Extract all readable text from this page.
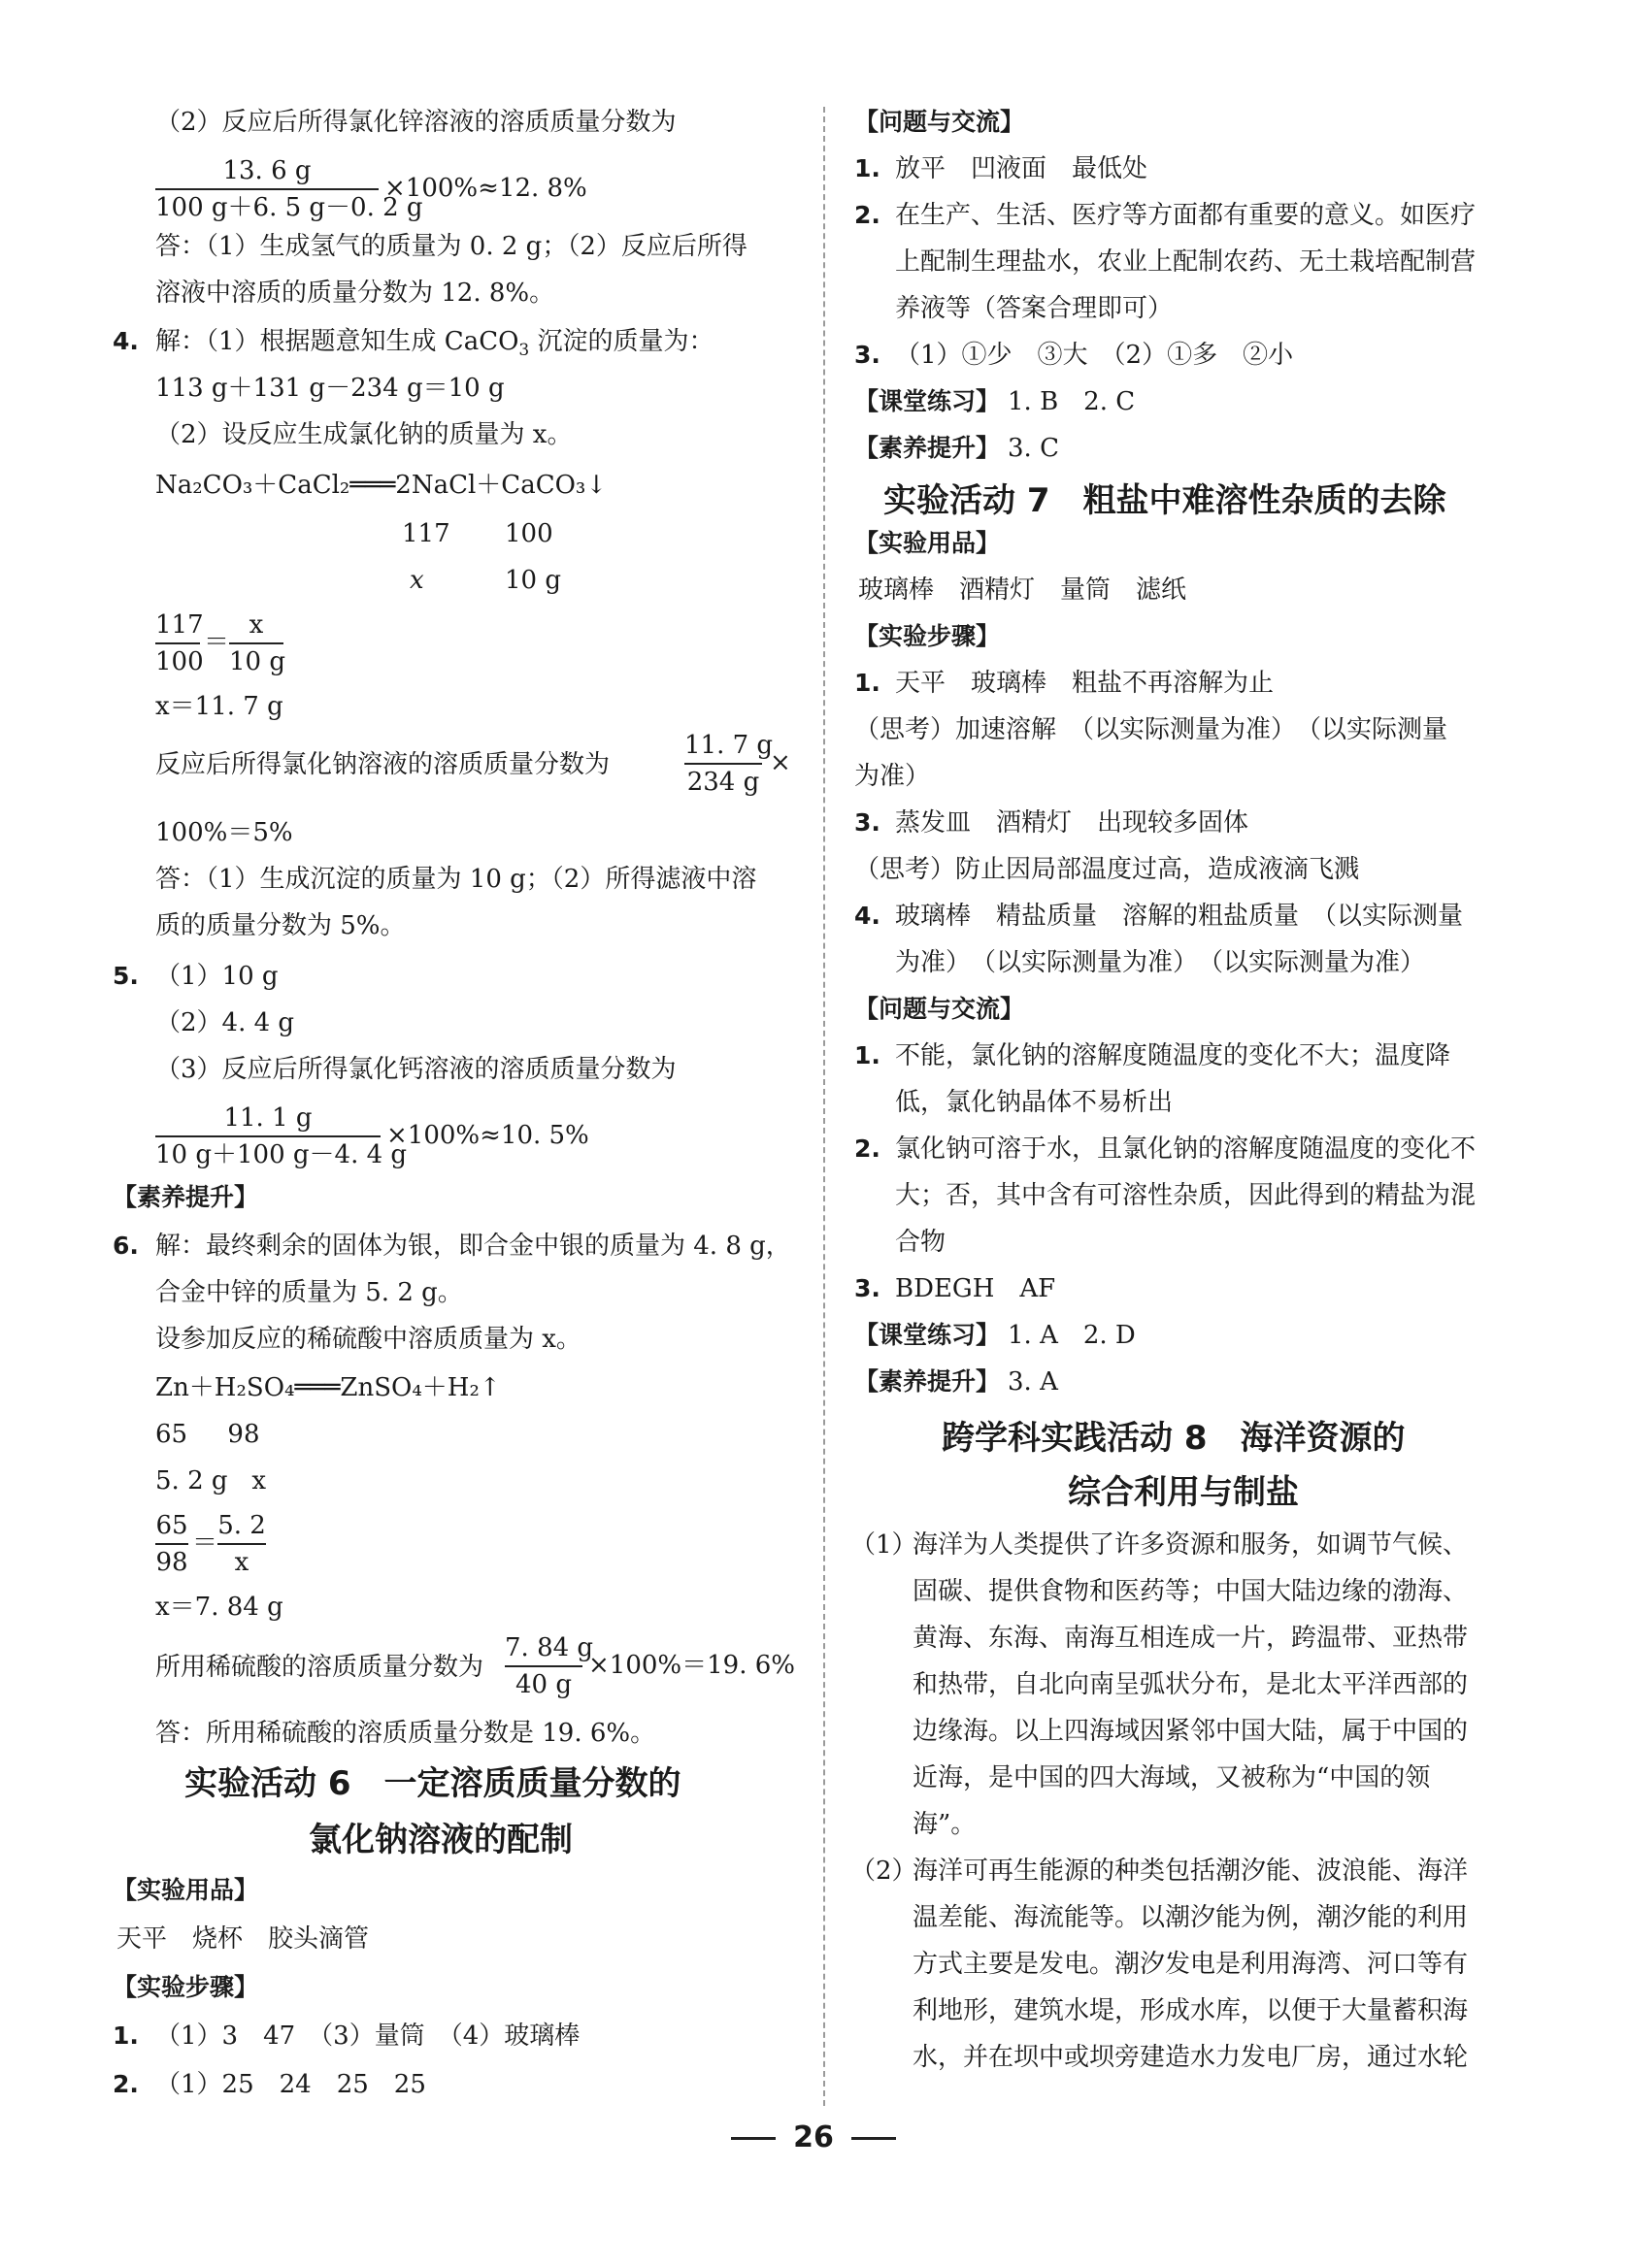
（2）反应后所得氯化锌溶液的溶质质量分数为
13. 6 g
100 g＋6. 5 g－0. 2 g
×100%≈12. 8%
答：（1）生成氢气的质量为 0. 2 g；（2）反应后所得
溶液中溶质的质量分数为 12. 8%。
4. 解：（1）根据题意知生成 CaCO$_3$ 沉淀的质量为：
113 g＋131 g－234 g＝10 g
（2）设反应生成氯化钠的质量为 x。
Na₂CO₃＋CaCl₂═══2NaCl＋CaCO₃↓
117 100
x	10 g
117
100
＝
x
10 g
x＝11. 7 g
反应后所得氯化钠溶液的溶质质量分数为
11. 7 g
234 g
×
100%＝5%
答：（1）生成沉淀的质量为 10 g；（2）所得滤液中溶
质的质量分数为 5%。
5. （1）10 g
（2）4. 4 g
（3）反应后所得氯化钙溶液的溶质质量分数为
11. 1 g
10 g＋100 g－4. 4 g
×100%≈10. 5%
【素养提升】
6. 解：最终剩余的固体为银，即合金中银的质量为 4. 8 g，
合金中锌的质量为 5. 2 g。
设参加反应的稀硫酸中溶质质量为 x。
Zn＋H₂SO₄═══ZnSO₄＋H₂↑
65     98
5. 2 g   x
65
98
＝
5. 2
x
x＝7. 84 g
所用稀硫酸的溶质质量分数为
7. 84 g
40 g
×100%＝19. 6%
答：所用稀硫酸的溶质质量分数是 19. 6%。
实验活动 6　一定溶质质量分数的
氯化钠溶液的配制
【实验用品】
天平　烧杯　胶头滴管
【实验步骤】
1. （1）3　47　（3）量筒　（4）玻璃棒
2. （1）25　24　25　25
【问题与交流】
1. 放平　凹液面　最低处
2. 在生产、生活、医疗等方面都有重要的意义。如医疗
上配制生理盐水，农业上配制农药、无土栽培配制营
养液等（答案合理即可）
3. （1）①少　③大　（2）①多　②小
【课堂练习】 1. B　2. C
【素养提升】 3. C
实验活动 7　粗盐中难溶性杂质的去除
【实验用品】
玻璃棒　酒精灯　量筒　滤纸
【实验步骤】
1. 天平　玻璃棒　粗盐不再溶解为止
（思考）加速溶解　（以实际测量为准）　（以实际测量
为准）
3. 蒸发皿　酒精灯　出现较多固体
（思考）防止因局部温度过高，造成液滴飞溅
4. 玻璃棒　精盐质量　溶解的粗盐质量　（以实际测量
为准）　（以实际测量为准）　（以实际测量为准）
【问题与交流】
1. 不能，氯化钠的溶解度随温度的变化不大；温度降
低，氯化钠晶体不易析出
2. 氯化钠可溶于水，且氯化钠的溶解度随温度的变化不
大；否，其中含有可溶性杂质，因此得到的精盐为混
合物
3. BDEGH　AF
【课堂练习】 1. A　2. D
【素养提升】 3. A
跨学科实践活动 8　海洋资源的
综合利用与制盐
（1）
海洋为人类提供了许多资源和服务，如调节气候、
固碳、提供食物和医药等；中国大陆边缘的渤海、
黄海、东海、南海互相连成一片，跨温带、亚热带
和热带，自北向南呈弧状分布，是北太平洋西部的
边缘海。以上四海域因紧邻中国大陆，属于中国的
近海，是中国的四大海域，又被称为“中国的领
海”。
（2）
海洋可再生能源的种类包括潮汐能、波浪能、海洋
温差能、海流能等。以潮汐能为例，潮汐能的利用
方式主要是发电。潮汐发电是利用海湾、河口等有
利地形，建筑水堤，形成水库，以便于大量蓄积海
水，并在坝中或坝旁建造水力发电厂房，通过水轮
26
